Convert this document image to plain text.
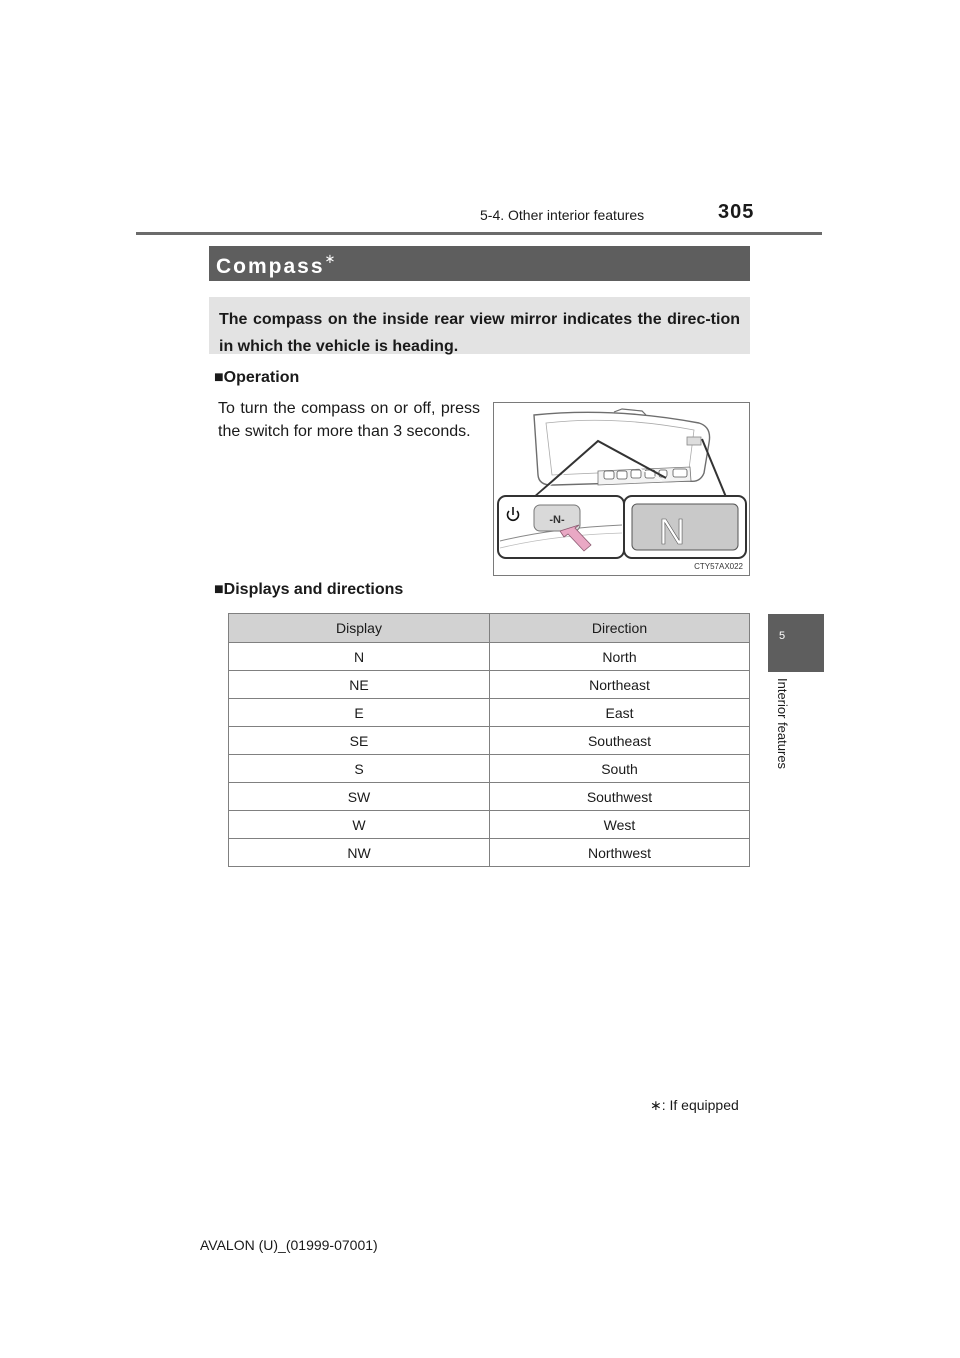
5-4. Other interior features	305
Compass∗
The compass on the inside rear view mirror indicates the direc-tion in which the vehicle is heading.
■Operation
To turn the compass on or off, press the switch for more than 3 seconds.
-N-	N
CTY57AX022
■Displays and directions
Display	Direction
N	North
NE	Northeast
E	East
SE	Southeast
S	South
SW	Southwest
W	West
NW	Northwest
∗: If equipped
AVALON (U)_(01999-07001)
5
Interior features
